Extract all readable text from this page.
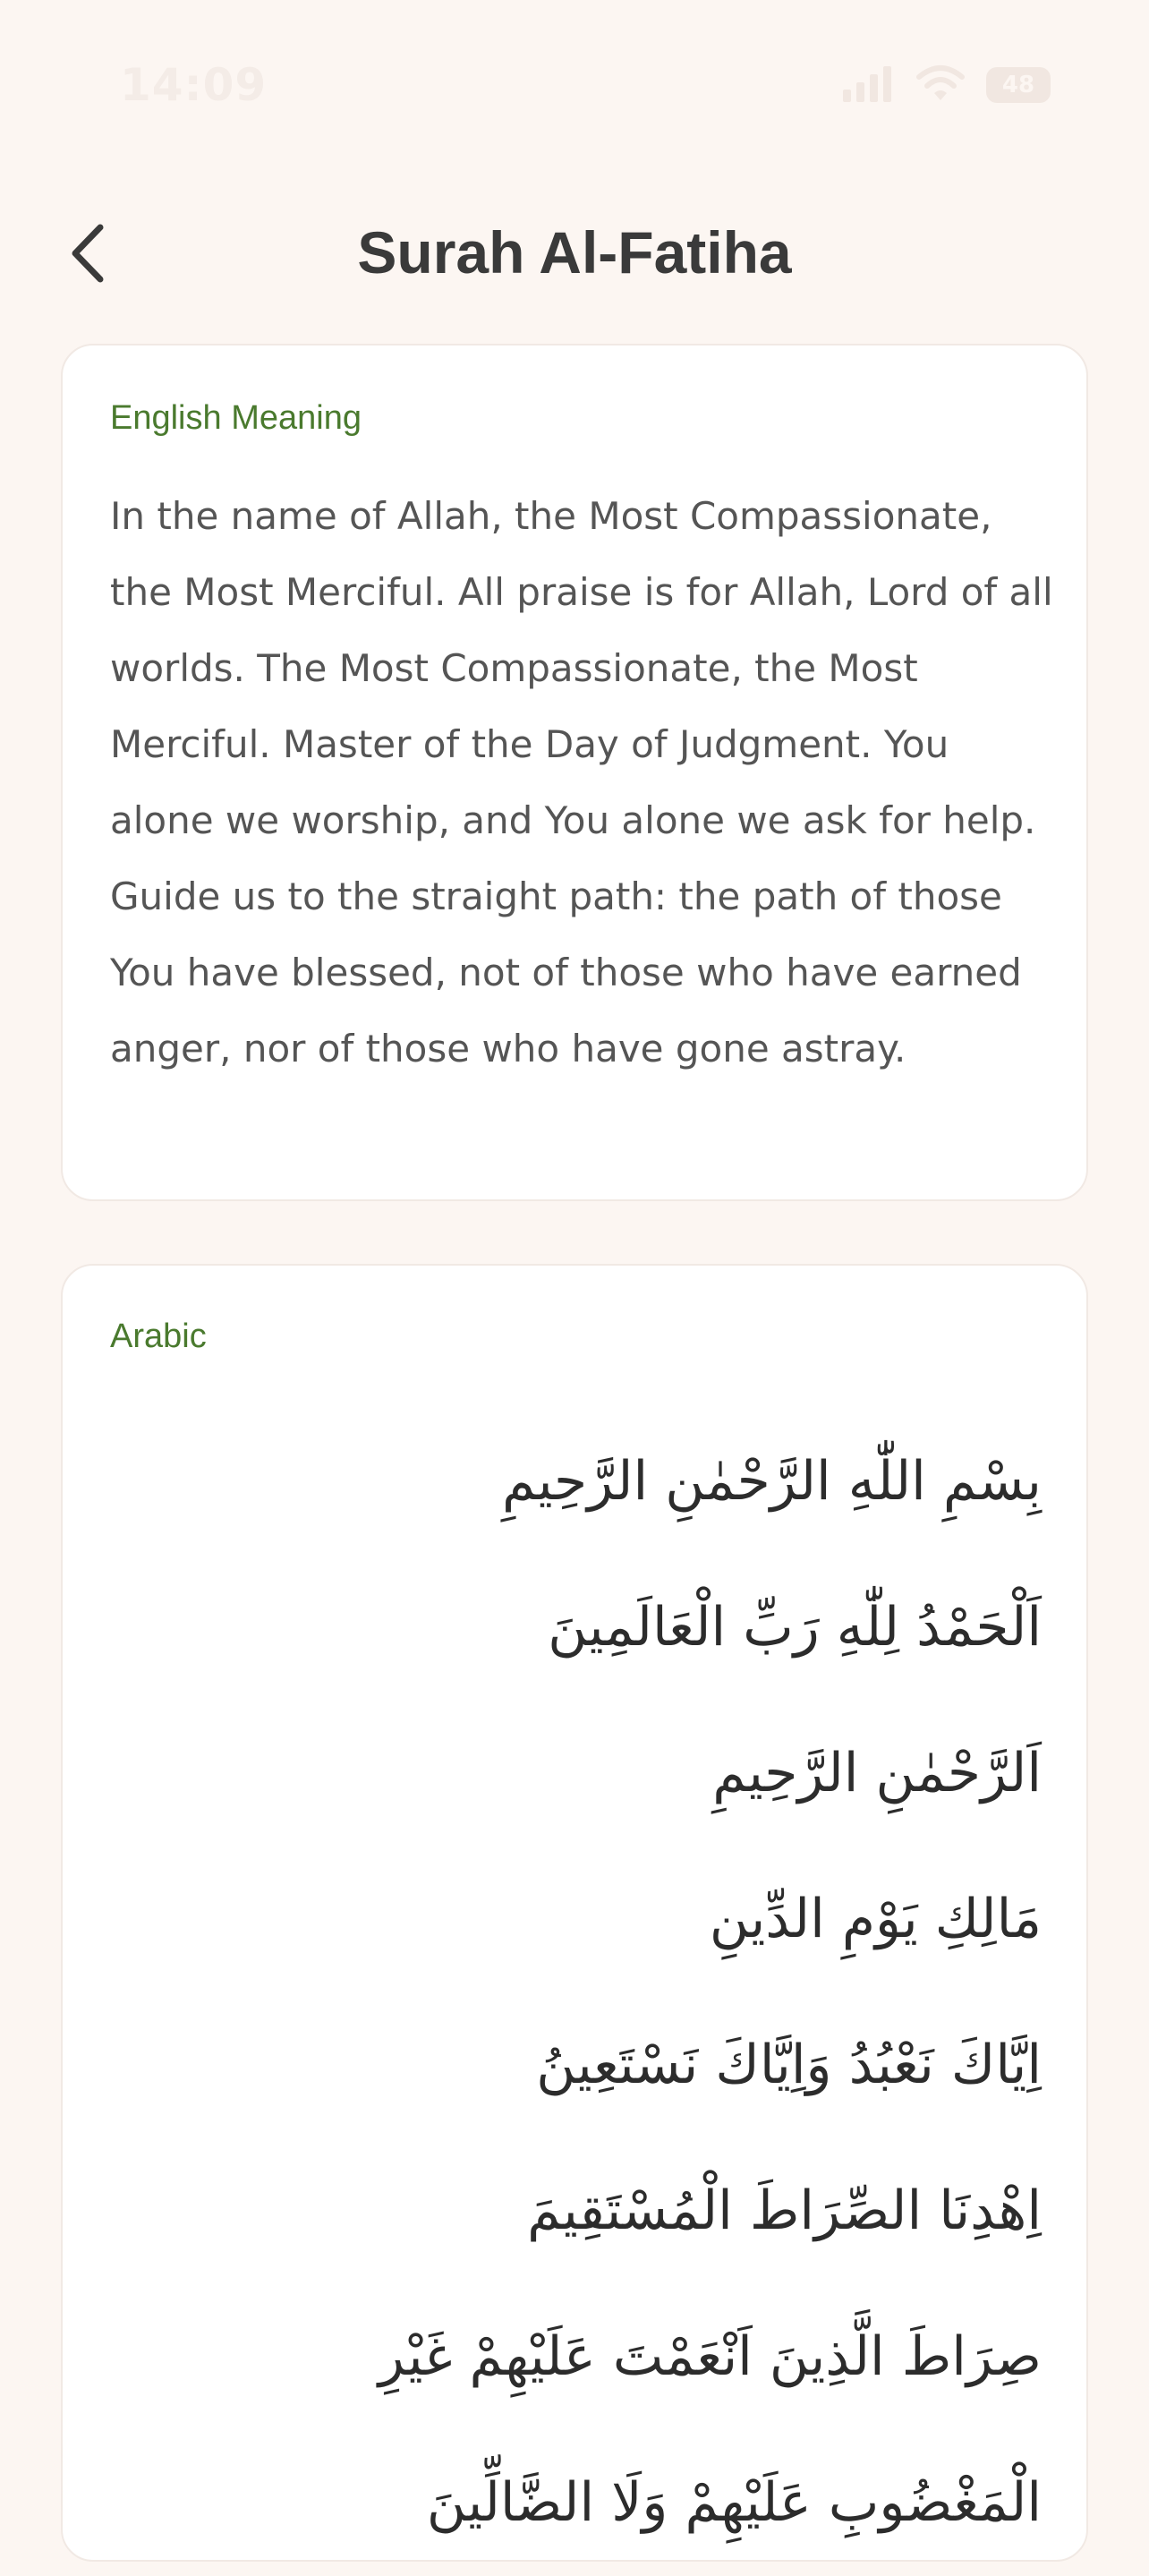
14:09	48
Surah Al-Fatiha
English Meaning
In the name of Allah, the Most Compassionate, the Most Merciful. All praise is for Allah, Lord of all worlds. The Most Compassionate, the Most Merciful. Master of the Day of Judgment. You alone we worship, and You alone we ask for help. Guide us to the straight path: the path of those You have blessed, not of those who have earned anger, nor of those who have gone astray.
Arabic
بِسْمِ اللّٰهِ الرَّحْمٰنِ الرَّحِيمِ
اَلْحَمْدُ لِلّٰهِ رَبِّ الْعَالَمِينَ
اَلرَّحْمٰنِ الرَّحِيمِ
مَالِكِ يَوْمِ الدِّينِ
اِيَّاكَ نَعْبُدُ وَاِيَّاكَ نَسْتَعِينُ
اِهْدِنَا الصِّرَاطَ الْمُسْتَقِيمَ
صِرَاطَ الَّذِينَ اَنْعَمْتَ عَلَيْهِمْ غَيْرِ
الْمَغْضُوبِ عَلَيْهِمْ وَلَا الضَّالِّينَ
